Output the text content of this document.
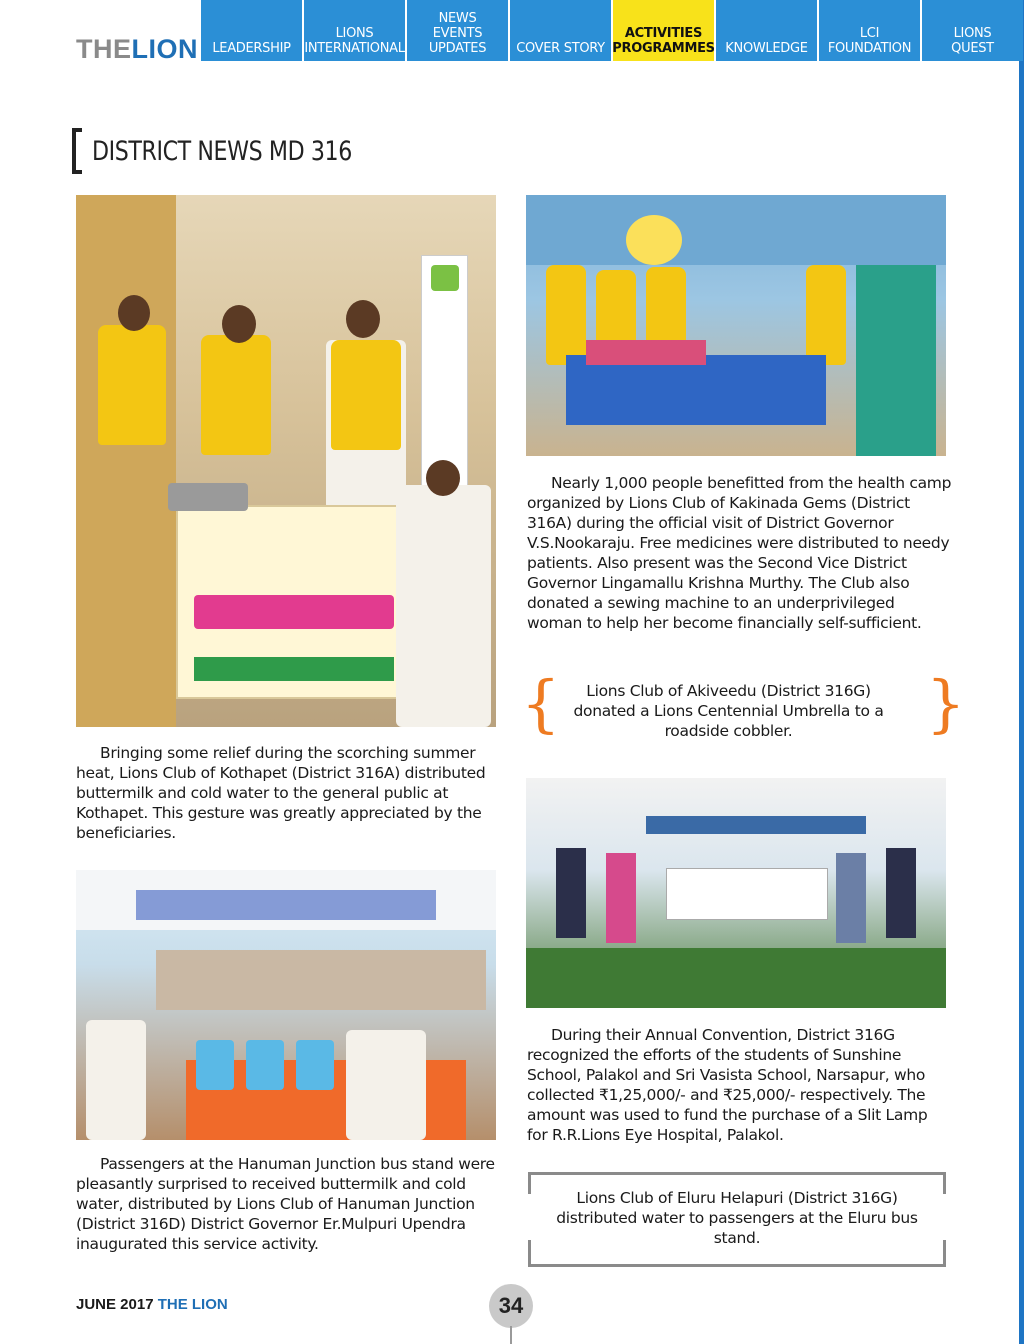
THELION	LEADERSHIP
LIONS
INTERNATIONAL
NEWS
EVENTS
UPDATES	COVER STORY
ACTIVITIES
PROGRAMMES KNOWLEDGE
LCI
FOUNDATION
LIONS
QUEST
DISTRICT NEWS MD 316

Bringing some relief during the scorching summer heat, Lions Club of Kothapet (District 316A) distributed buttermilk and cold water to the general public at Kothapet. This gesture was greatly appreciated by the beneficiaries.

Nearly 1,000 people benefitted from the health camp organized by Lions Club of Kakinada Gems (District 316A) during the official visit of District Governor V.S.Nookaraju. Free medicines were distributed to needy patients. Also present was the Second Vice District Governor Lingamallu Krishna Murthy. The Club also donated a sewing machine to an underprivileged woman to help her become financially self-sufficient.

Passengers at the Hanuman Junction bus stand were pleasantly surprised to received buttermilk and cold water, distributed by Lions Club of Hanuman Junction (District 316D) District Governor Er.Mulpuri Upendra inaugurated this service activity.

During their Annual Convention, District 316G recognized the efforts of the students of Sunshine School, Palakol and Sri Vasista School, Narsapur, who collected ₹1,25,000/- and ₹25,000/- respectively. The amount was used to fund the purchase of a Slit Lamp for R.R.Lions Eye Hospital, Palakol.

{	Lions Club of Akiveedu (District 316G) donated a Lions Centennial Umbrella to a roadside cobbler.	}
Lions Club of Eluru Helapuri (District 316G) distributed water to passengers at the Eluru bus stand.
JUNE 2017 THE LION	34
